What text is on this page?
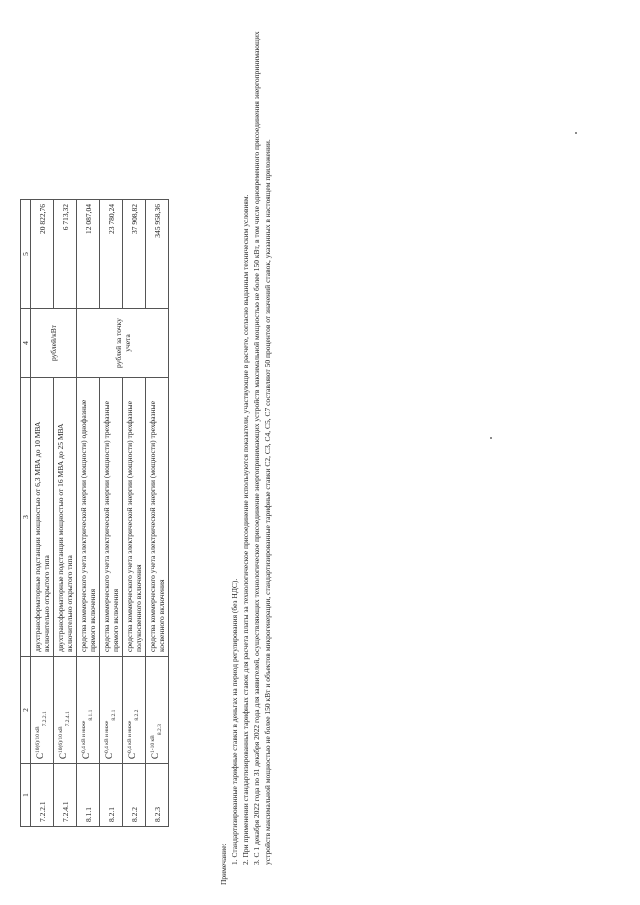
1	2	3	4	5
7.2.2.1	$C^{10(6)/10 кВ}_{7.2.2.1}$	двухтрансформаторные подстанции мощностью от 6,3 МВА до 10 МВА включительно открытого типа	рублей/кВт	20 822,76
7.2.4.1	$C^{10(6)/10 кВ}_{7.2.4.1}$	двухтрансформаторные подстанции мощностью от 16 МВА до 25 МВА включительно открытого типа		6 713,32
8.1.1	$C^{0,4 кВ и ниже}_{8.1.1}$	средства коммерческого учета электрической энергии (мощности) однофазные прямого включения	рублей за точку учета	12 087,04
8.2.1	$C^{0,4 кВ и ниже}_{8.2.1}$	средства коммерческого учета электрической энергии (мощности) трехфазные прямого включения		23 780,24
8.2.2	$C^{0,4 кВ и ниже}_{8.2.2}$	средства коммерческого учета электрической энергии (мощности) трехфазные полукосвенного включения		37 908,82
8.2.3	$C^{1-10 кВ}_{8.2.3}$	средства коммерческого учета электрической энергии (мощности) трехфазные косвенного включения		345 958,36

Примечание: 1. Стандартизированные тарифные ставки в деньгах на период регулирования (без НДС). 2. При применении стандартизированных тарифных ставок для расчета платы за технологическое присоединение используются показатели, участвующие в расчете, согласно выданным техническим условиям. 3. С 1 декабря 2022 года по 31 декабря 2022 года для заявителей, осуществляющих технологическое присоединение энергопринимающих устройств максимальной мощностью не более 150 кВт, в том числе одновременного присоединения энергопринимающих устройств максимальной мощностью не более 150 кВт и объектов микрогенерации, стандартизированные тарифные ставки С2, С3, С4, С5, С7 составляют 50 процентов от значений ставок, указанных в настоящем приложении.
